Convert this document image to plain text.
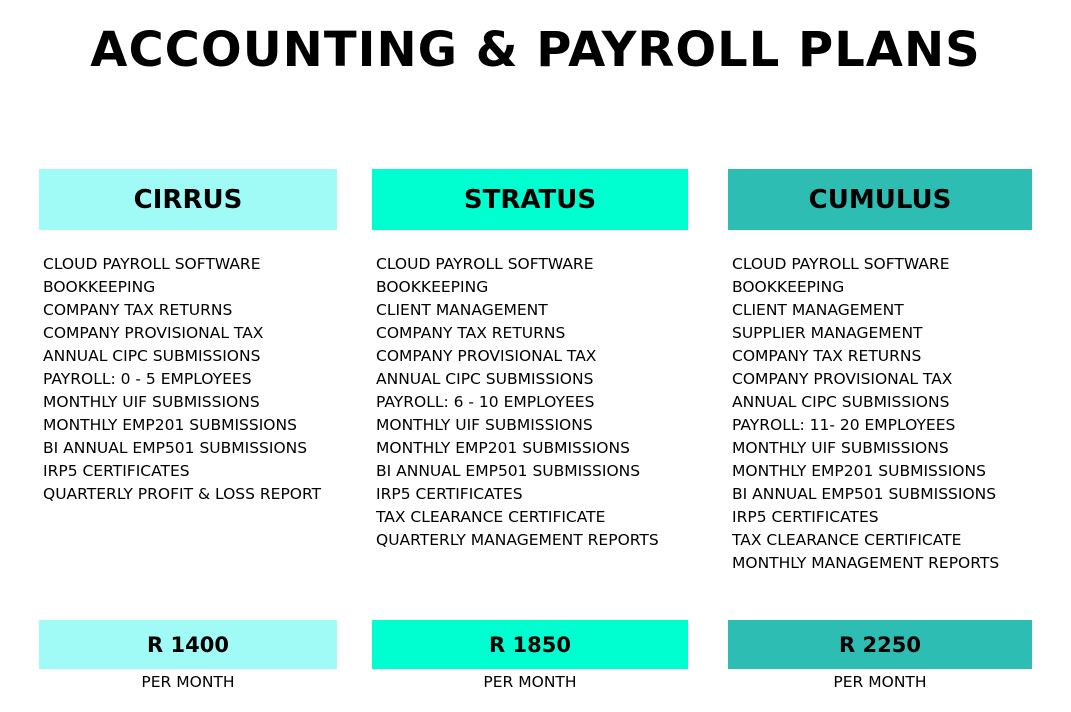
ACCOUNTING & PAYROLL PLANS
CIRRUS
CLOUD PAYROLL SOFTWARE
BOOKKEEPING
COMPANY TAX RETURNS
COMPANY PROVISIONAL TAX
ANNUAL CIPC SUBMISSIONS
PAYROLL: 0 - 5 EMPLOYEES
MONTHLY UIF SUBMISSIONS
MONTHLY EMP201 SUBMISSIONS
BI ANNUAL EMP501 SUBMISSIONS
IRP5 CERTIFICATES
QUARTERLY PROFIT & LOSS REPORT
R 1400
PER MONTH
STRATUS
CLOUD PAYROLL SOFTWARE
BOOKKEEPING
CLIENT MANAGEMENT
COMPANY TAX RETURNS
COMPANY PROVISIONAL TAX
ANNUAL CIPC SUBMISSIONS
PAYROLL: 6 - 10 EMPLOYEES
MONTHLY UIF SUBMISSIONS
MONTHLY EMP201 SUBMISSIONS
BI ANNUAL EMP501 SUBMISSIONS
IRP5 CERTIFICATES
TAX CLEARANCE CERTIFICATE
QUARTERLY MANAGEMENT REPORTS
R 1850
PER MONTH
CUMULUS
CLOUD PAYROLL SOFTWARE
BOOKKEEPING
CLIENT MANAGEMENT
SUPPLIER MANAGEMENT
COMPANY TAX RETURNS
COMPANY PROVISIONAL TAX
ANNUAL CIPC SUBMISSIONS
PAYROLL: 11- 20 EMPLOYEES
MONTHLY UIF SUBMISSIONS
MONTHLY EMP201 SUBMISSIONS
BI ANNUAL EMP501 SUBMISSIONS
IRP5 CERTIFICATES
TAX CLEARANCE CERTIFICATE
MONTHLY MANAGEMENT REPORTS
R 2250
PER MONTH
